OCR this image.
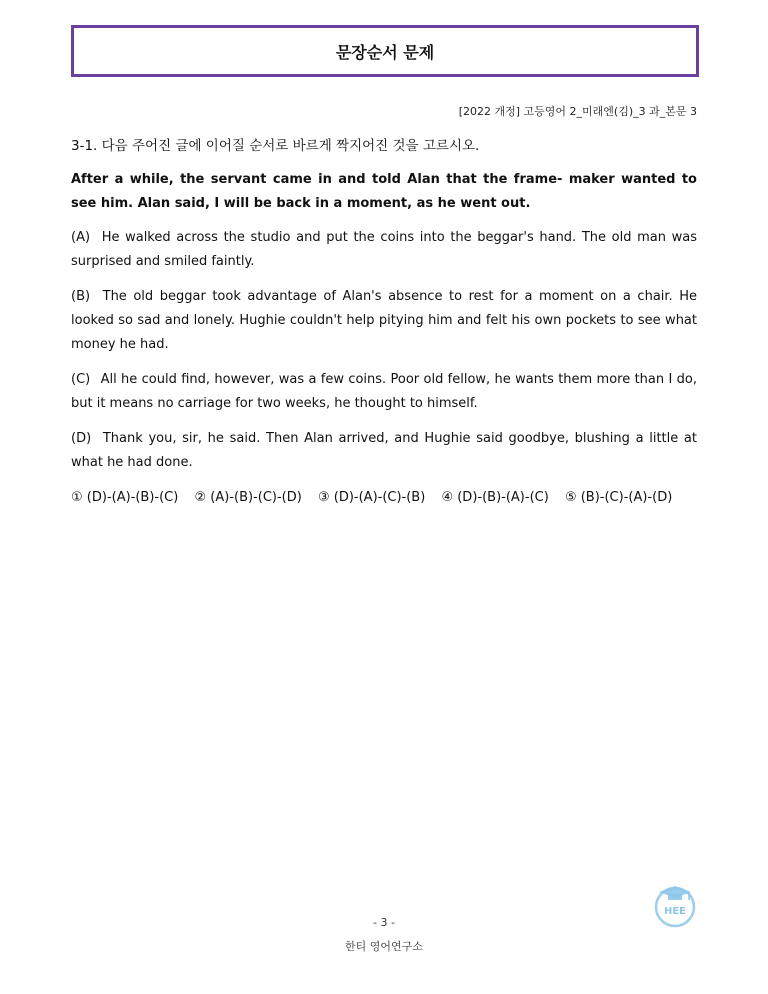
문장순서 문제
[2022 개정] 고등영어 2_미래엔(김)_3 과_본문 3

3-1. 다음 주어진 글에 이어질 순서로 바르게 짝지어진 것을 고르시오.

After a while, the servant came in and told Alan that the frame- maker wanted to see him. Alan said, I will be back in a moment, as he went out.

(A) He walked across the studio and put the coins into the beggar's hand. The old man was surprised and smiled faintly.

(B) The old beggar took advantage of Alan's absence to rest for a moment on a chair. He looked so sad and lonely. Hughie couldn't help pitying him and felt his own pockets to see what money he had.

(C) All he could find, however, was a few coins. Poor old fellow, he wants them more than I do, but it means no carriage for two weeks, he thought to himself.

(D) Thank you, sir, he said. Then Alan arrived, and Hughie said goodbye, blushing a little at what he had done.

① (D)-(A)-(B)-(C) ② (A)-(B)-(C)-(D) ③ (D)-(A)-(C)-(B) ④ (D)-(B)-(A)-(C) ⑤ (B)-(C)-(A)-(D)
HEE
- 3 -
한티 영어연구소
